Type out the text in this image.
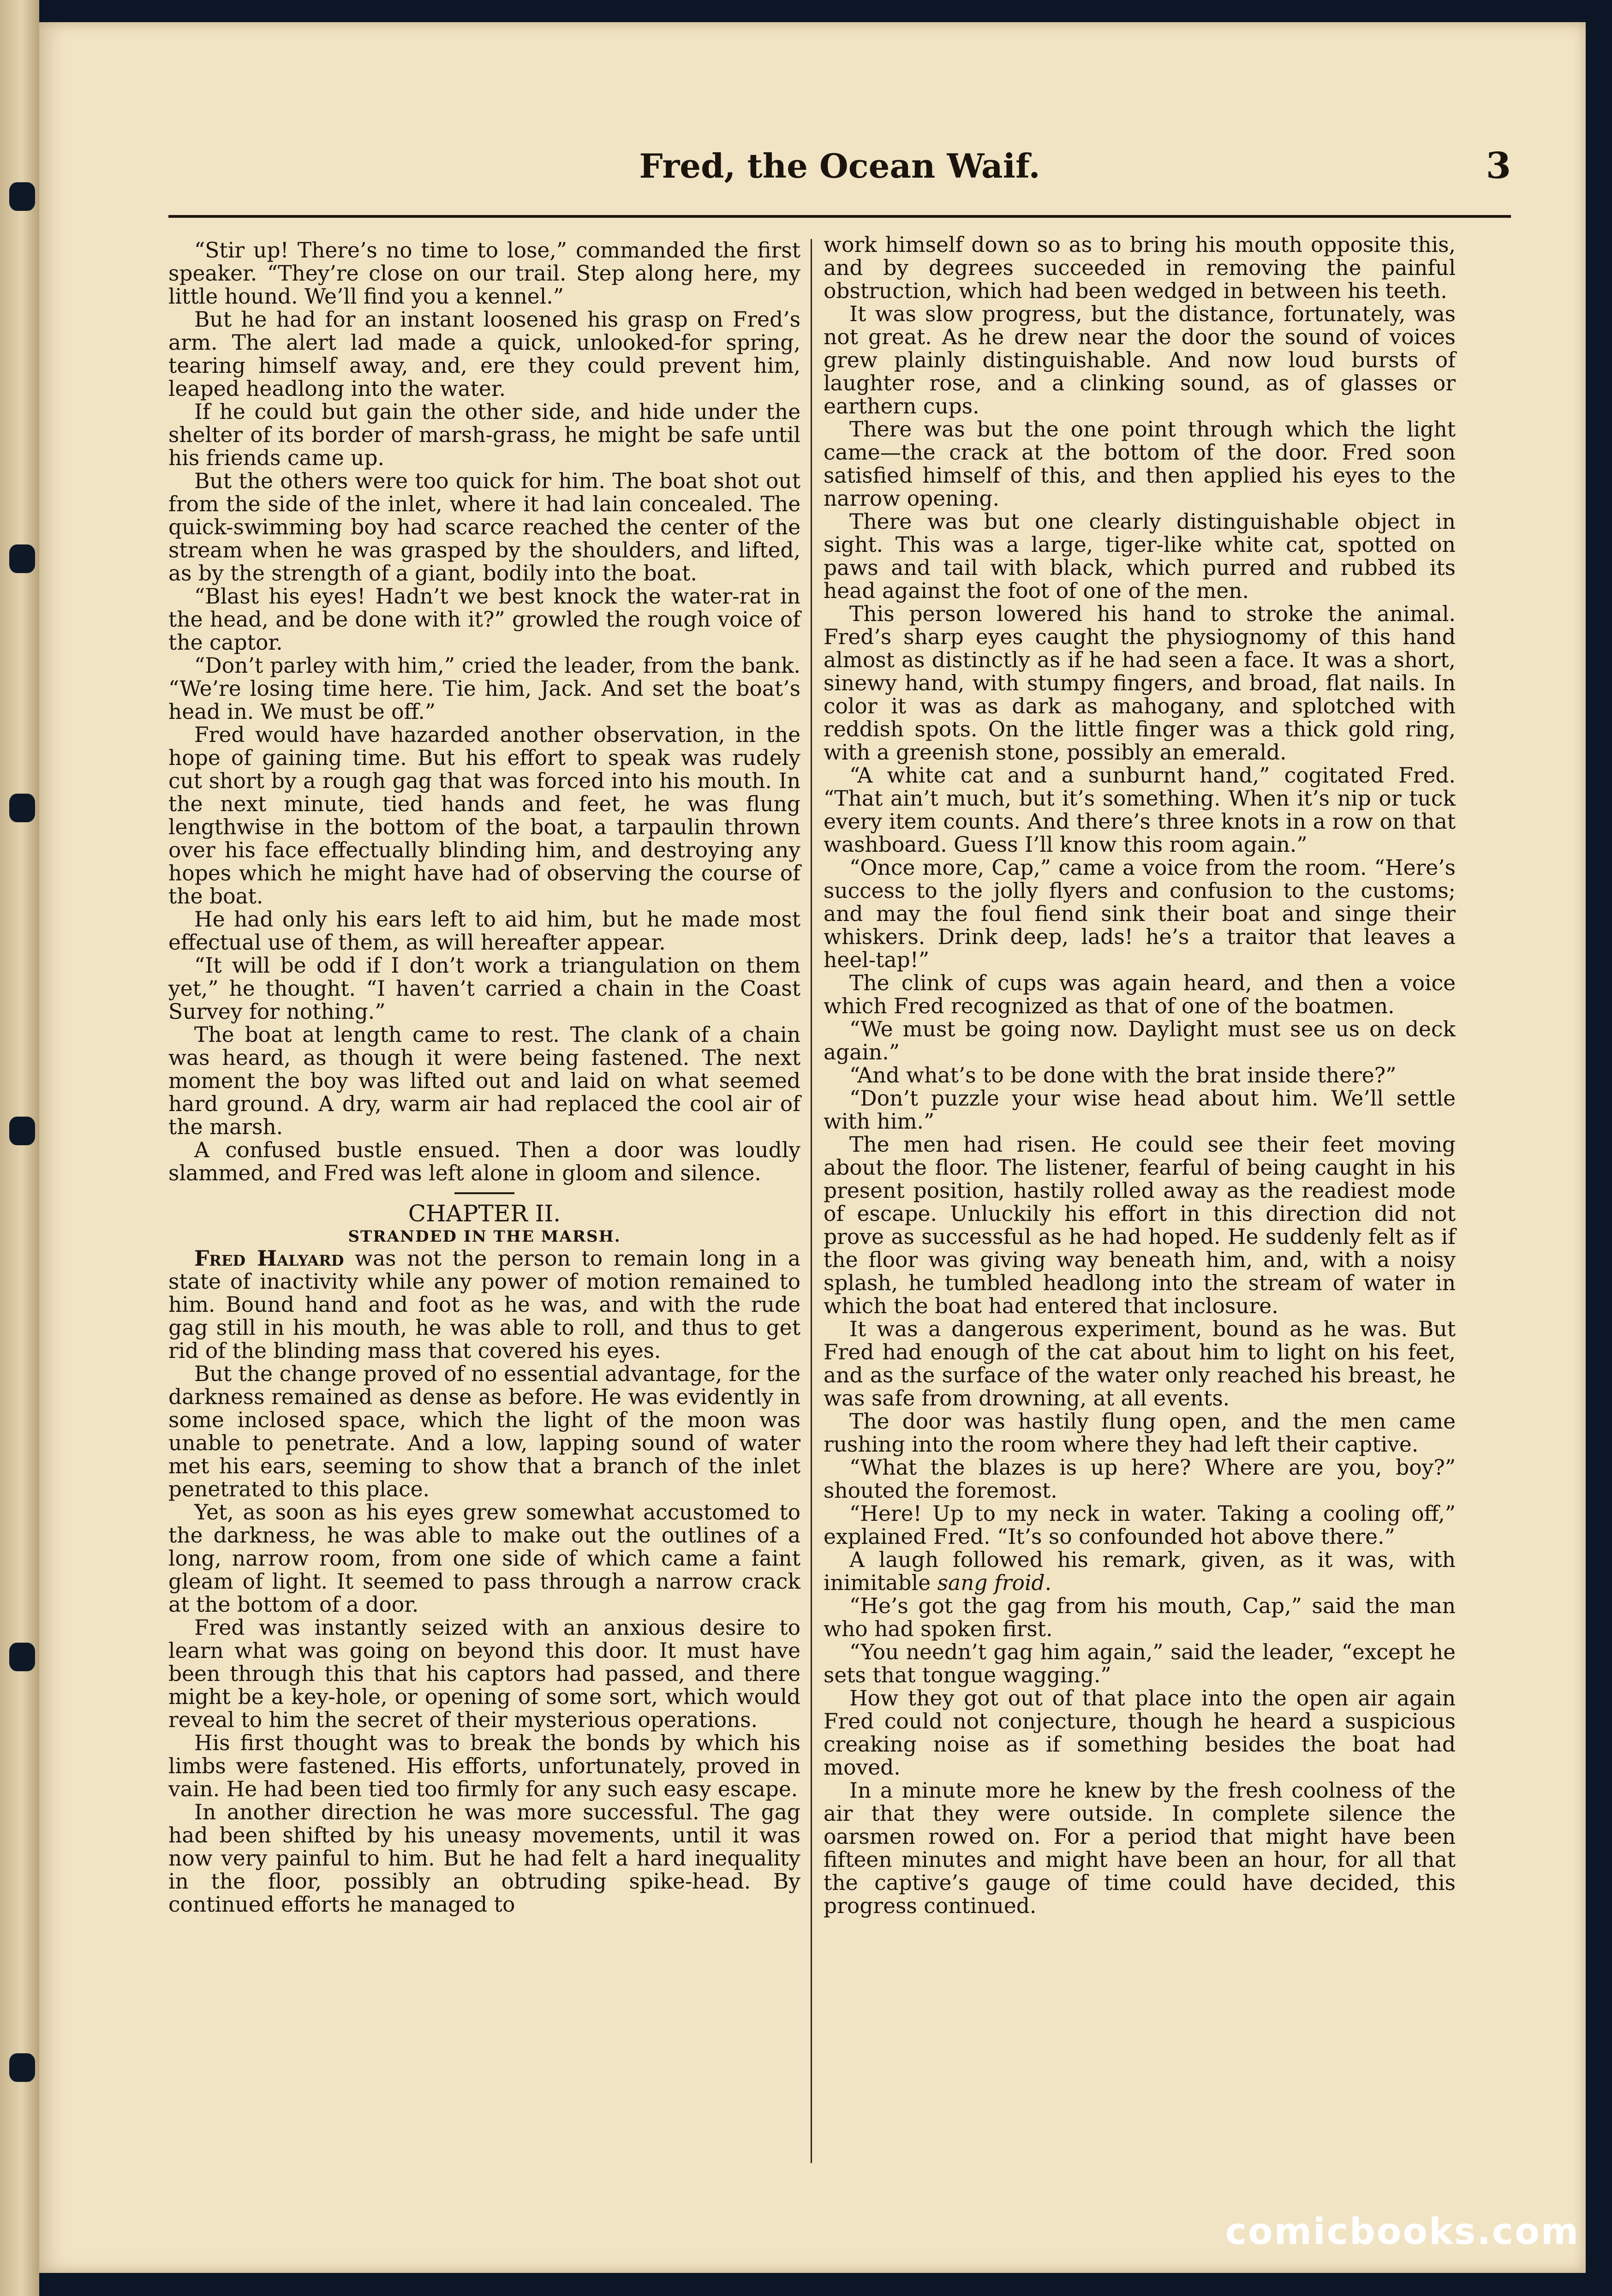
Fred, the Ocean Waif.	3

“Stir up! There’s no time to lose,” commanded the first speaker. “They’re close on our trail. Step along here, my little hound. We’ll find you a kennel.”

But he had for an instant loosened his grasp on Fred’s arm. The alert lad made a quick, unlooked-for spring, tearing himself away, and, ere they could prevent him, leaped headlong into the water.

If he could but gain the other side, and hide under the shelter of its border of marsh-grass, he might be safe until his friends came up.

But the others were too quick for him. The boat shot out from the side of the inlet, where it had lain concealed. The quick-swimming boy had scarce reached the center of the stream when he was grasped by the shoulders, and lifted, as by the strength of a giant, bodily into the boat.

“Blast his eyes! Hadn’t we best knock the water-rat in the head, and be done with it?” growled the rough voice of the captor.

“Don’t parley with him,” cried the leader, from the bank. “We’re losing time here. Tie him, Jack. And set the boat’s head in. We must be off.”

Fred would have hazarded another observation, in the hope of gaining time. But his effort to speak was rudely cut short by a rough gag that was forced into his mouth. In the next minute, tied hands and feet, he was flung lengthwise in the bottom of the boat, a tarpaulin thrown over his face effectually blinding him, and destroying any hopes which he might have had of observing the course of the boat.

He had only his ears left to aid him, but he made most effectual use of them, as will hereafter appear.

“It will be odd if I don’t work a triangulation on them yet,” he thought. “I haven’t carried a chain in the Coast Survey for nothing.”

The boat at length came to rest. The clank of a chain was heard, as though it were being fastened. The next moment the boy was lifted out and laid on what seemed hard ground. A dry, warm air had replaced the cool air of the marsh.

A confused bustle ensued. Then a door was loudly slammed, and Fred was left alone in gloom and silence.

CHAPTER II.

STRANDED IN THE MARSH.

Fred Halyard was not the person to remain long in a state of inactivity while any power of motion remained to him. Bound hand and foot as he was, and with the rude gag still in his mouth, he was able to roll, and thus to get rid of the blinding mass that covered his eyes.

But the change proved of no essential advantage, for the darkness remained as dense as before. He was evidently in some inclosed space, which the light of the moon was unable to penetrate. And a low, lapping sound of water met his ears, seeming to show that a branch of the inlet penetrated to this place.

Yet, as soon as his eyes grew somewhat accustomed to the darkness, he was able to make out the outlines of a long, narrow room, from one side of which came a faint gleam of light. It seemed to pass through a narrow crack at the bottom of a door.

Fred was instantly seized with an anxious desire to learn what was going on beyond this door. It must have been through this that his captors had passed, and there might be a key-hole, or opening of some sort, which would reveal to him the secret of their mysterious operations.

His first thought was to break the bonds by which his limbs were fastened. His efforts, unfortunately, proved in vain. He had been tied too firmly for any such easy escape.

In another direction he was more successful. The gag had been shifted by his uneasy movements, until it was now very painful to him. But he had felt a hard inequality in the floor, possibly an obtruding spike-head. By continued efforts he managed to

work himself down so as to bring his mouth opposite this, and by degrees succeeded in removing the painful obstruction, which had been wedged in between his teeth.

It was slow progress, but the distance, fortunately, was not great. As he drew near the door the sound of voices grew plainly distinguishable. And now loud bursts of laughter rose, and a clinking sound, as of glasses or earthern cups.

There was but the one point through which the light came—the crack at the bottom of the door. Fred soon satisfied himself of this, and then applied his eyes to the narrow opening.

There was but one clearly distinguishable object in sight. This was a large, tiger-like white cat, spotted on paws and tail with black, which purred and rubbed its head against the foot of one of the men.

This person lowered his hand to stroke the animal. Fred’s sharp eyes caught the physiognomy of this hand almost as distinctly as if he had seen a face. It was a short, sinewy hand, with stumpy fingers, and broad, flat nails. In color it was as dark as mahogany, and splotched with reddish spots. On the little finger was a thick gold ring, with a greenish stone, possibly an emerald.

“A white cat and a sunburnt hand,” cogitated Fred. “That ain’t much, but it’s something. When it’s nip or tuck every item counts. And there’s three knots in a row on that washboard. Guess I’ll know this room again.”

“Once more, Cap,” came a voice from the room. “Here’s success to the jolly flyers and confusion to the customs; and may the foul fiend sink their boat and singe their whiskers. Drink deep, lads! he’s a traitor that leaves a heel-tap!”

The clink of cups was again heard, and then a voice which Fred recognized as that of one of the boatmen.

“We must be going now. Daylight must see us on deck again.”

“And what’s to be done with the brat inside there?”

“Don’t puzzle your wise head about him. We’ll settle with him.”

The men had risen. He could see their feet moving about the floor. The listener, fearful of being caught in his present position, hastily rolled away as the readiest mode of escape. Unluckily his effort in this direction did not prove as successful as he had hoped. He suddenly felt as if the floor was giving way beneath him, and, with a noisy splash, he tumbled headlong into the stream of water in which the boat had entered that inclosure.

It was a dangerous experiment, bound as he was. But Fred had enough of the cat about him to light on his feet, and as the surface of the water only reached his breast, he was safe from drowning, at all events.

The door was hastily flung open, and the men came rushing into the room where they had left their captive.

“What the blazes is up here? Where are you, boy?” shouted the foremost.

“Here! Up to my neck in water. Taking a cooling off,” explained Fred. “It’s so confounded hot above there.”

A laugh followed his remark, given, as it was, with inimitable sang froid.

“He’s got the gag from his mouth, Cap,” said the man who had spoken first.

“You needn’t gag him again,” said the leader, “except he sets that tongue wagging.”

How they got out of that place into the open air again Fred could not conjecture, though he heard a suspicious creaking noise as if something besides the boat had moved.

In a minute more he knew by the fresh coolness of the air that they were outside. In complete silence the oarsmen rowed on. For a period that might have been fifteen minutes and might have been an hour, for all that the captive’s gauge of time could have decided, this progress continued.

comicbooks.com
